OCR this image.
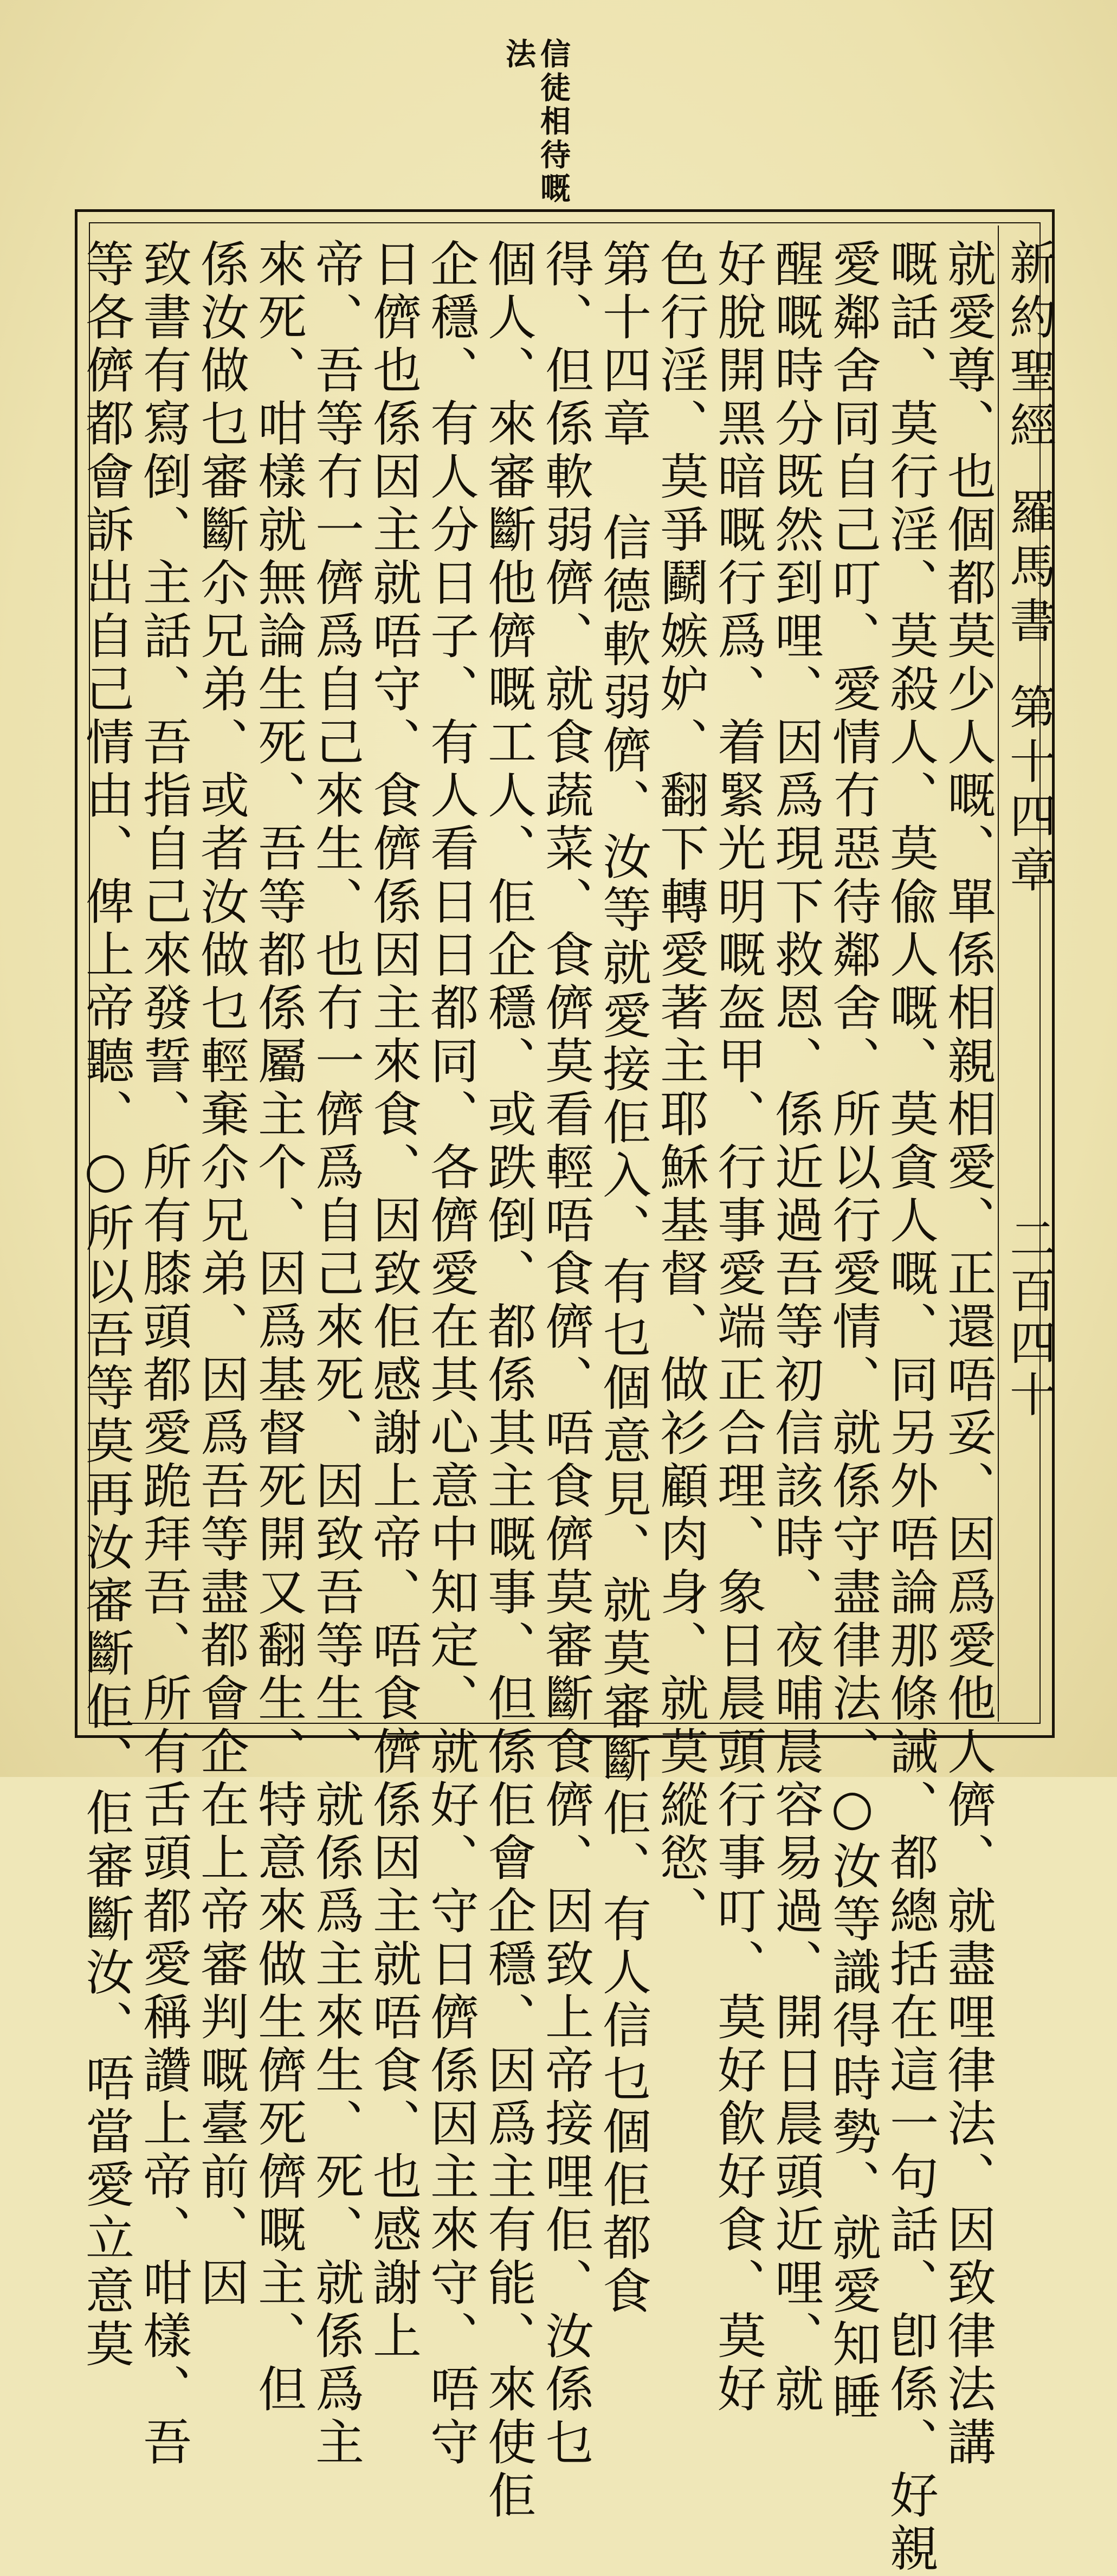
信徒相待嘅
法
新約聖經羅馬書第十四章
二百四十
就愛尊、也個都莫少人嘅、單係相親相愛、正還唔妥、因爲愛他人儕、就盡哩律法、因致律法講
嘅話、莫行淫、莫殺人、莫偸人嘅、莫貪人嘅、同另外唔論那條誡、都總括在這一句話、卽係、好親
愛鄰舍同自己叮、愛情冇惡待鄰舍、所以行愛情、就係守盡律法、○汝等識得時勢、就愛知睡
醒嘅時分既然到哩、因爲現下救恩、係近過吾等初信該時、夜晡晨容易過、開日晨頭近哩、就
好脫開黑暗嘅行爲、着緊光明嘅盔甲、行事愛端正合理、象日晨頭行事叮、莫好飮好食、莫好
色行淫、莫爭鬬嫉妒、翻下轉愛著主耶穌基督、做衫顧肉身、就莫縱慾、
第十四章 信德軟弱儕、汝等就愛接佢入、有乜個意見、就莫審斷佢、有人信乜個佢都食
得、但係軟弱儕、就食蔬菜、食儕莫看輕唔食儕、唔食儕莫審斷食儕、因致上帝接哩佢、汝係乜
個人、來審斷他儕嘅工人、佢企穩、或跌倒、都係其主嘅事、但係佢會企穩、因爲主有能、來使佢
企穩、有人分日子、有人看日日都同、各儕愛在其心意中知定、就好、守日儕係因主來守、唔守
日儕也係因主就唔守、食儕係因主來食、因致佢感謝上帝、唔食儕係因主就唔食、也感謝上
帝、吾等冇一儕爲自己來生、也冇一儕爲自己來死、因致吾等生、就係爲主來生、死、就係爲主
來死、咁樣就無論生死、吾等都係屬主个、因爲基督死開又翻生、特意來做生儕死儕嘅主、但
係汝做乜審斷尒兄弟、或者汝做乜輕棄尒兄弟、因爲吾等盡都會企在上帝審判嘅臺前、因
致書有寫倒、主話、吾指自己來發誓、所有膝頭都愛跪拜吾、所有舌頭都愛稱讚上帝、咁樣、吾
等各儕都會訴出自己情由、俾上帝聽、○所以吾等莫再汝審斷佢、佢審斷汝、唔當愛立意莫
